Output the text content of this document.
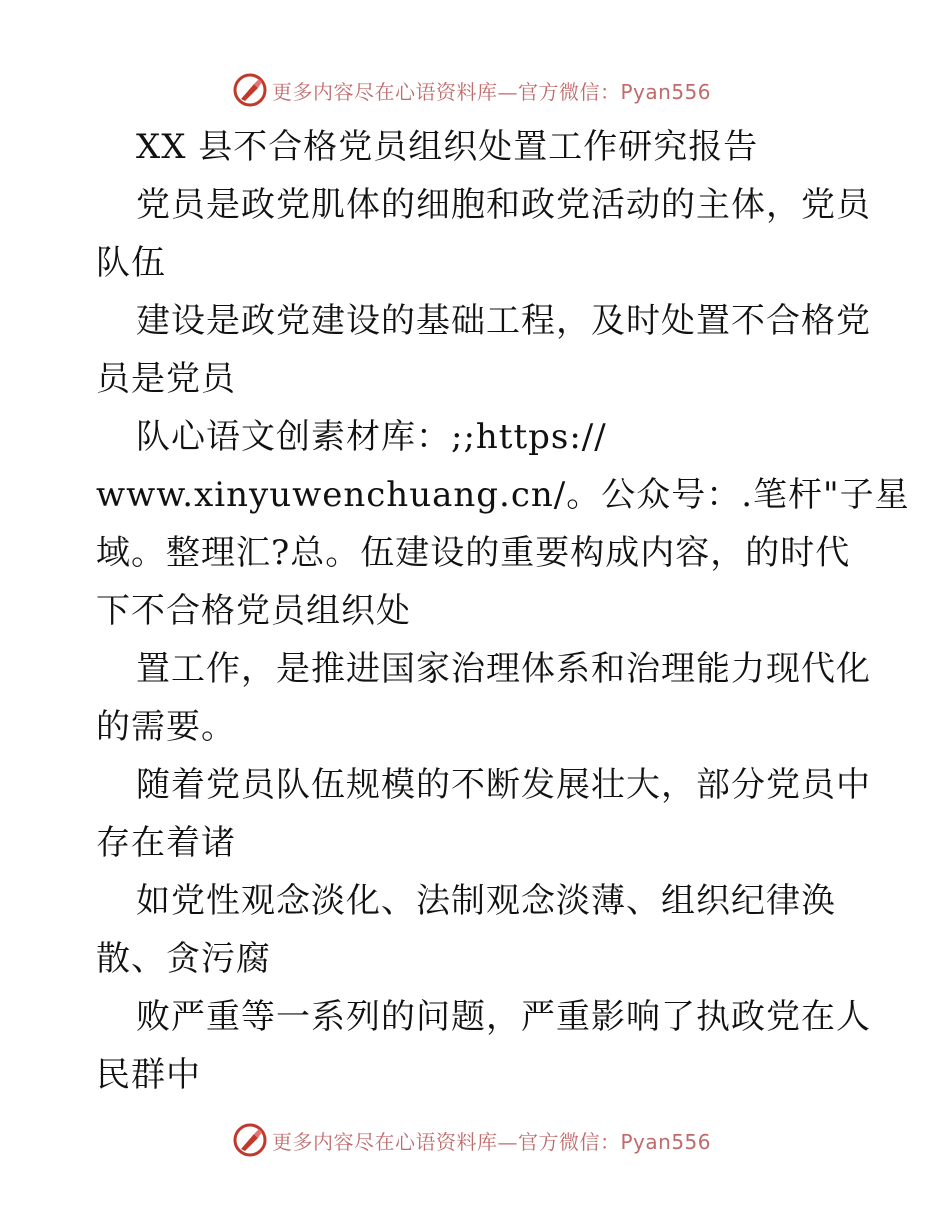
更多内容尽在心语资料库—官方微信：Pyan556
XX 县不合格党员组织处置工作研究报告
党员是政党肌体的细胞和政党活动的主体，党员
队伍
建设是政党建设的基础工程，及时处置不合格党
员是党员
队心语文创素材库：;;https://
www.xinyuwenchuang.cn/。公众号：.笔杆"子星
域。整理汇?总。伍建设的重要构成内容，的时代
下不合格党员组织处
置工作，是推进国家治理体系和治理能力现代化
的需要。
随着党员队伍规模的不断发展壮大，部分党员中
存在着诸
如党性观念淡化、法制观念淡薄、组织纪律涣
散、贪污腐
败严重等一系列的问题，严重影响了执政党在人
民群中
更多内容尽在心语资料库—官方微信：Pyan556
